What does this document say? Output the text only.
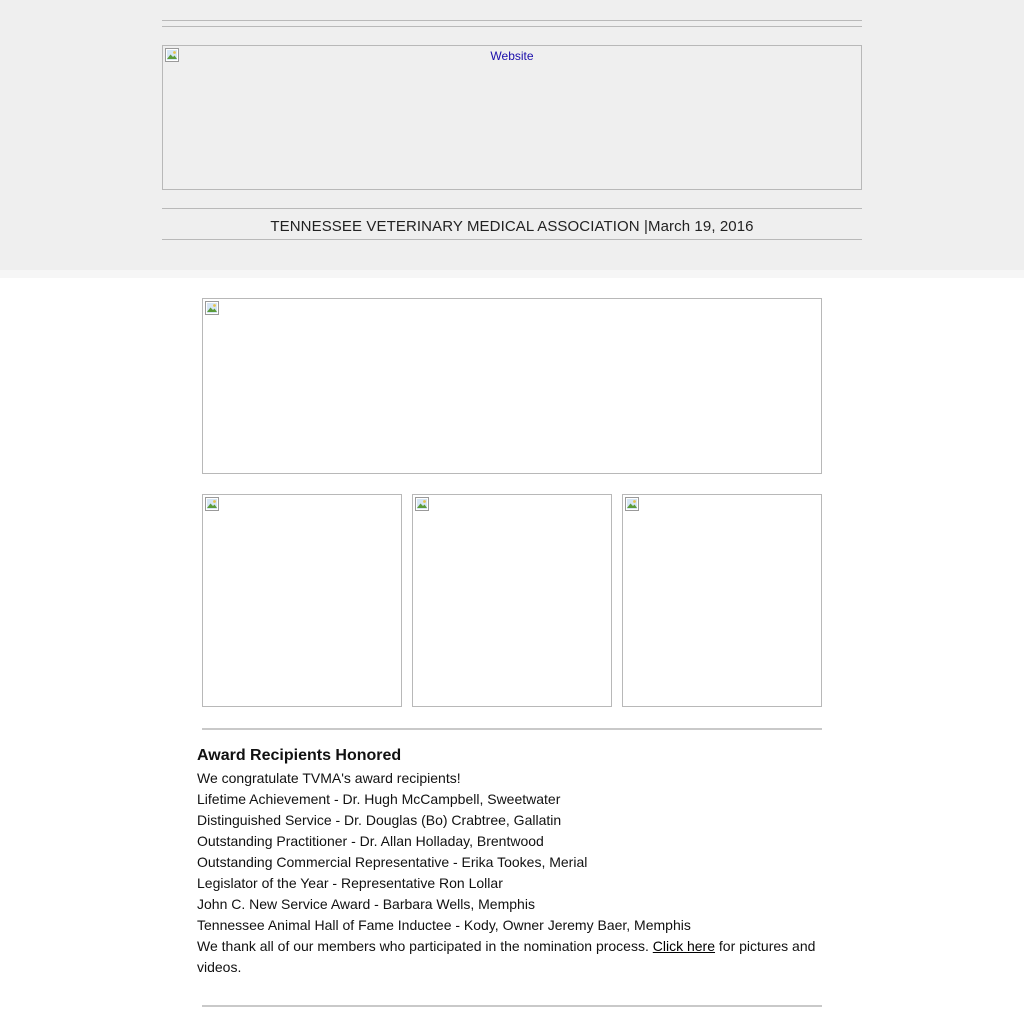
Website
TENNESSEE VETERINARY MEDICAL ASSOCIATION |March 19, 2016
Award Recipients Honored

We congratulate TVMA's award recipients!

Lifetime Achievement - Dr. Hugh McCampbell, Sweetwater

Distinguished Service - Dr. Douglas (Bo) Crabtree, Gallatin

Outstanding Practitioner - Dr. Allan Holladay, Brentwood

Outstanding Commercial Representative - Erika Tookes, Merial

Legislator of the Year - Representative Ron Lollar

John C. New Service Award - Barbara Wells, Memphis

Tennessee Animal Hall of Fame Inductee - Kody, Owner Jeremy Baer, Memphis

We thank all of our members who participated in the nomination process. Click here for pictures and videos.
